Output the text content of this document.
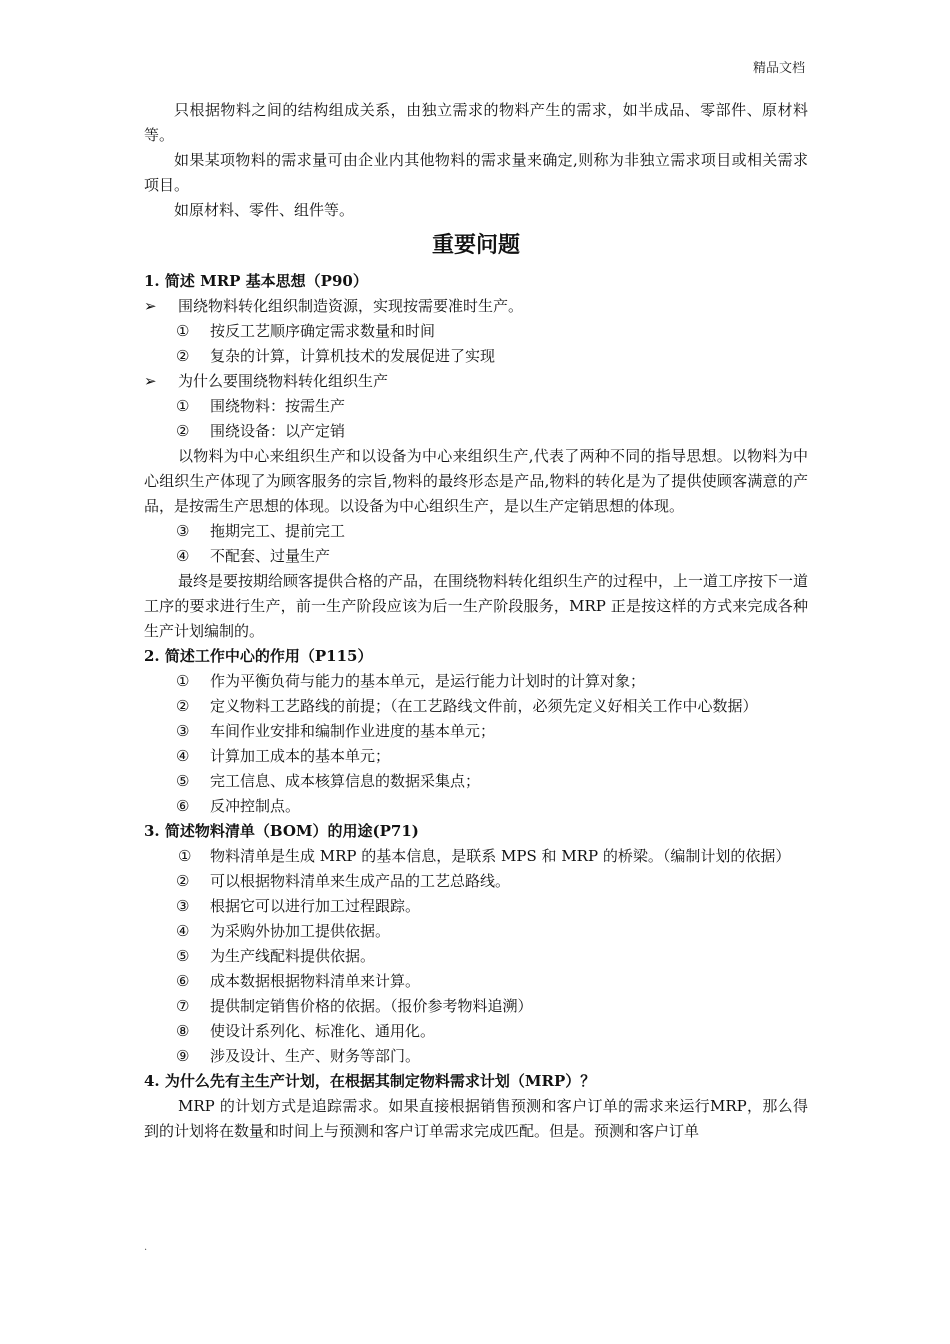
精品文档

只根据物料之间的结构组成关系，由独立需求的物料产生的需求，如半成品、零部件、原材料等。

如果某项物料的需求量可由企业内其他物料的需求量来确定,则称为非独立需求项目或相关需求项目。

如原材料、零件、组件等。

重要问题

1. 简述 MRP 基本思想（P90）

➢	围绕物料转化组织制造资源，实现按需要准时生产。

① 按反工艺顺序确定需求数量和时间

② 复杂的计算，计算机技术的发展促进了实现

➢	为什么要围绕物料转化组织生产

① 围绕物料：按需生产

② 围绕设备：以产定销

以物料为中心来组织生产和以设备为中心来组织生产,代表了两种不同的指导思想。以物料为中心组织生产体现了为顾客服务的宗旨,物料的最终形态是产品,物料的转化是为了提供使顾客满意的产品，是按需生产思想的体现。以设备为中心组织生产，是以生产定销思想的体现。

③ 拖期完工、提前完工

④ 不配套、过量生产

最终是要按期给顾客提供合格的产品，在围绕物料转化组织生产的过程中，上一道工序按下一道工序的要求进行生产，前一生产阶段应该为后一生产阶段服务，MRP 正是按这样的方式来完成各种生产计划编制的。

2. 简述工作中心的作用（P115）

① 作为平衡负荷与能力的基本单元，是运行能力计划时的计算对象；

② 定义物料工艺路线的前提；（在工艺路线文件前，必须先定义好相关工作中心数据）

③ 车间作业安排和编制作业进度的基本单元；

④ 计算加工成本的基本单元；

⑤ 完工信息、成本核算信息的数据采集点；

⑥ 反冲控制点。

3. 简述物料清单（BOM）的用途(P71)

① 物料清单是生成 MRP 的基本信息，是联系 MPS 和 MRP 的桥梁。（编制计划的依据）

② 可以根据物料清单来生成产品的工艺总路线。

③ 根据它可以进行加工过程跟踪。

④ 为采购外协加工提供依据。

⑤ 为生产线配料提供依据。

⑥ 成本数据根据物料清单来计算。

⑦ 提供制定销售价格的依据。（报价参考物料追溯）

⑧ 使设计系列化、标准化、通用化。

⑨ 涉及设计、生产、财务等部门。

4. 为什么先有主生产计划，在根据其制定物料需求计划（MRP）？

MRP 的计划方式是追踪需求。如果直接根据销售预测和客户订单的需求来运行MRP，那么得到的计划将在数量和时间上与预测和客户订单需求完成匹配。但是。预测和客户订单

.
